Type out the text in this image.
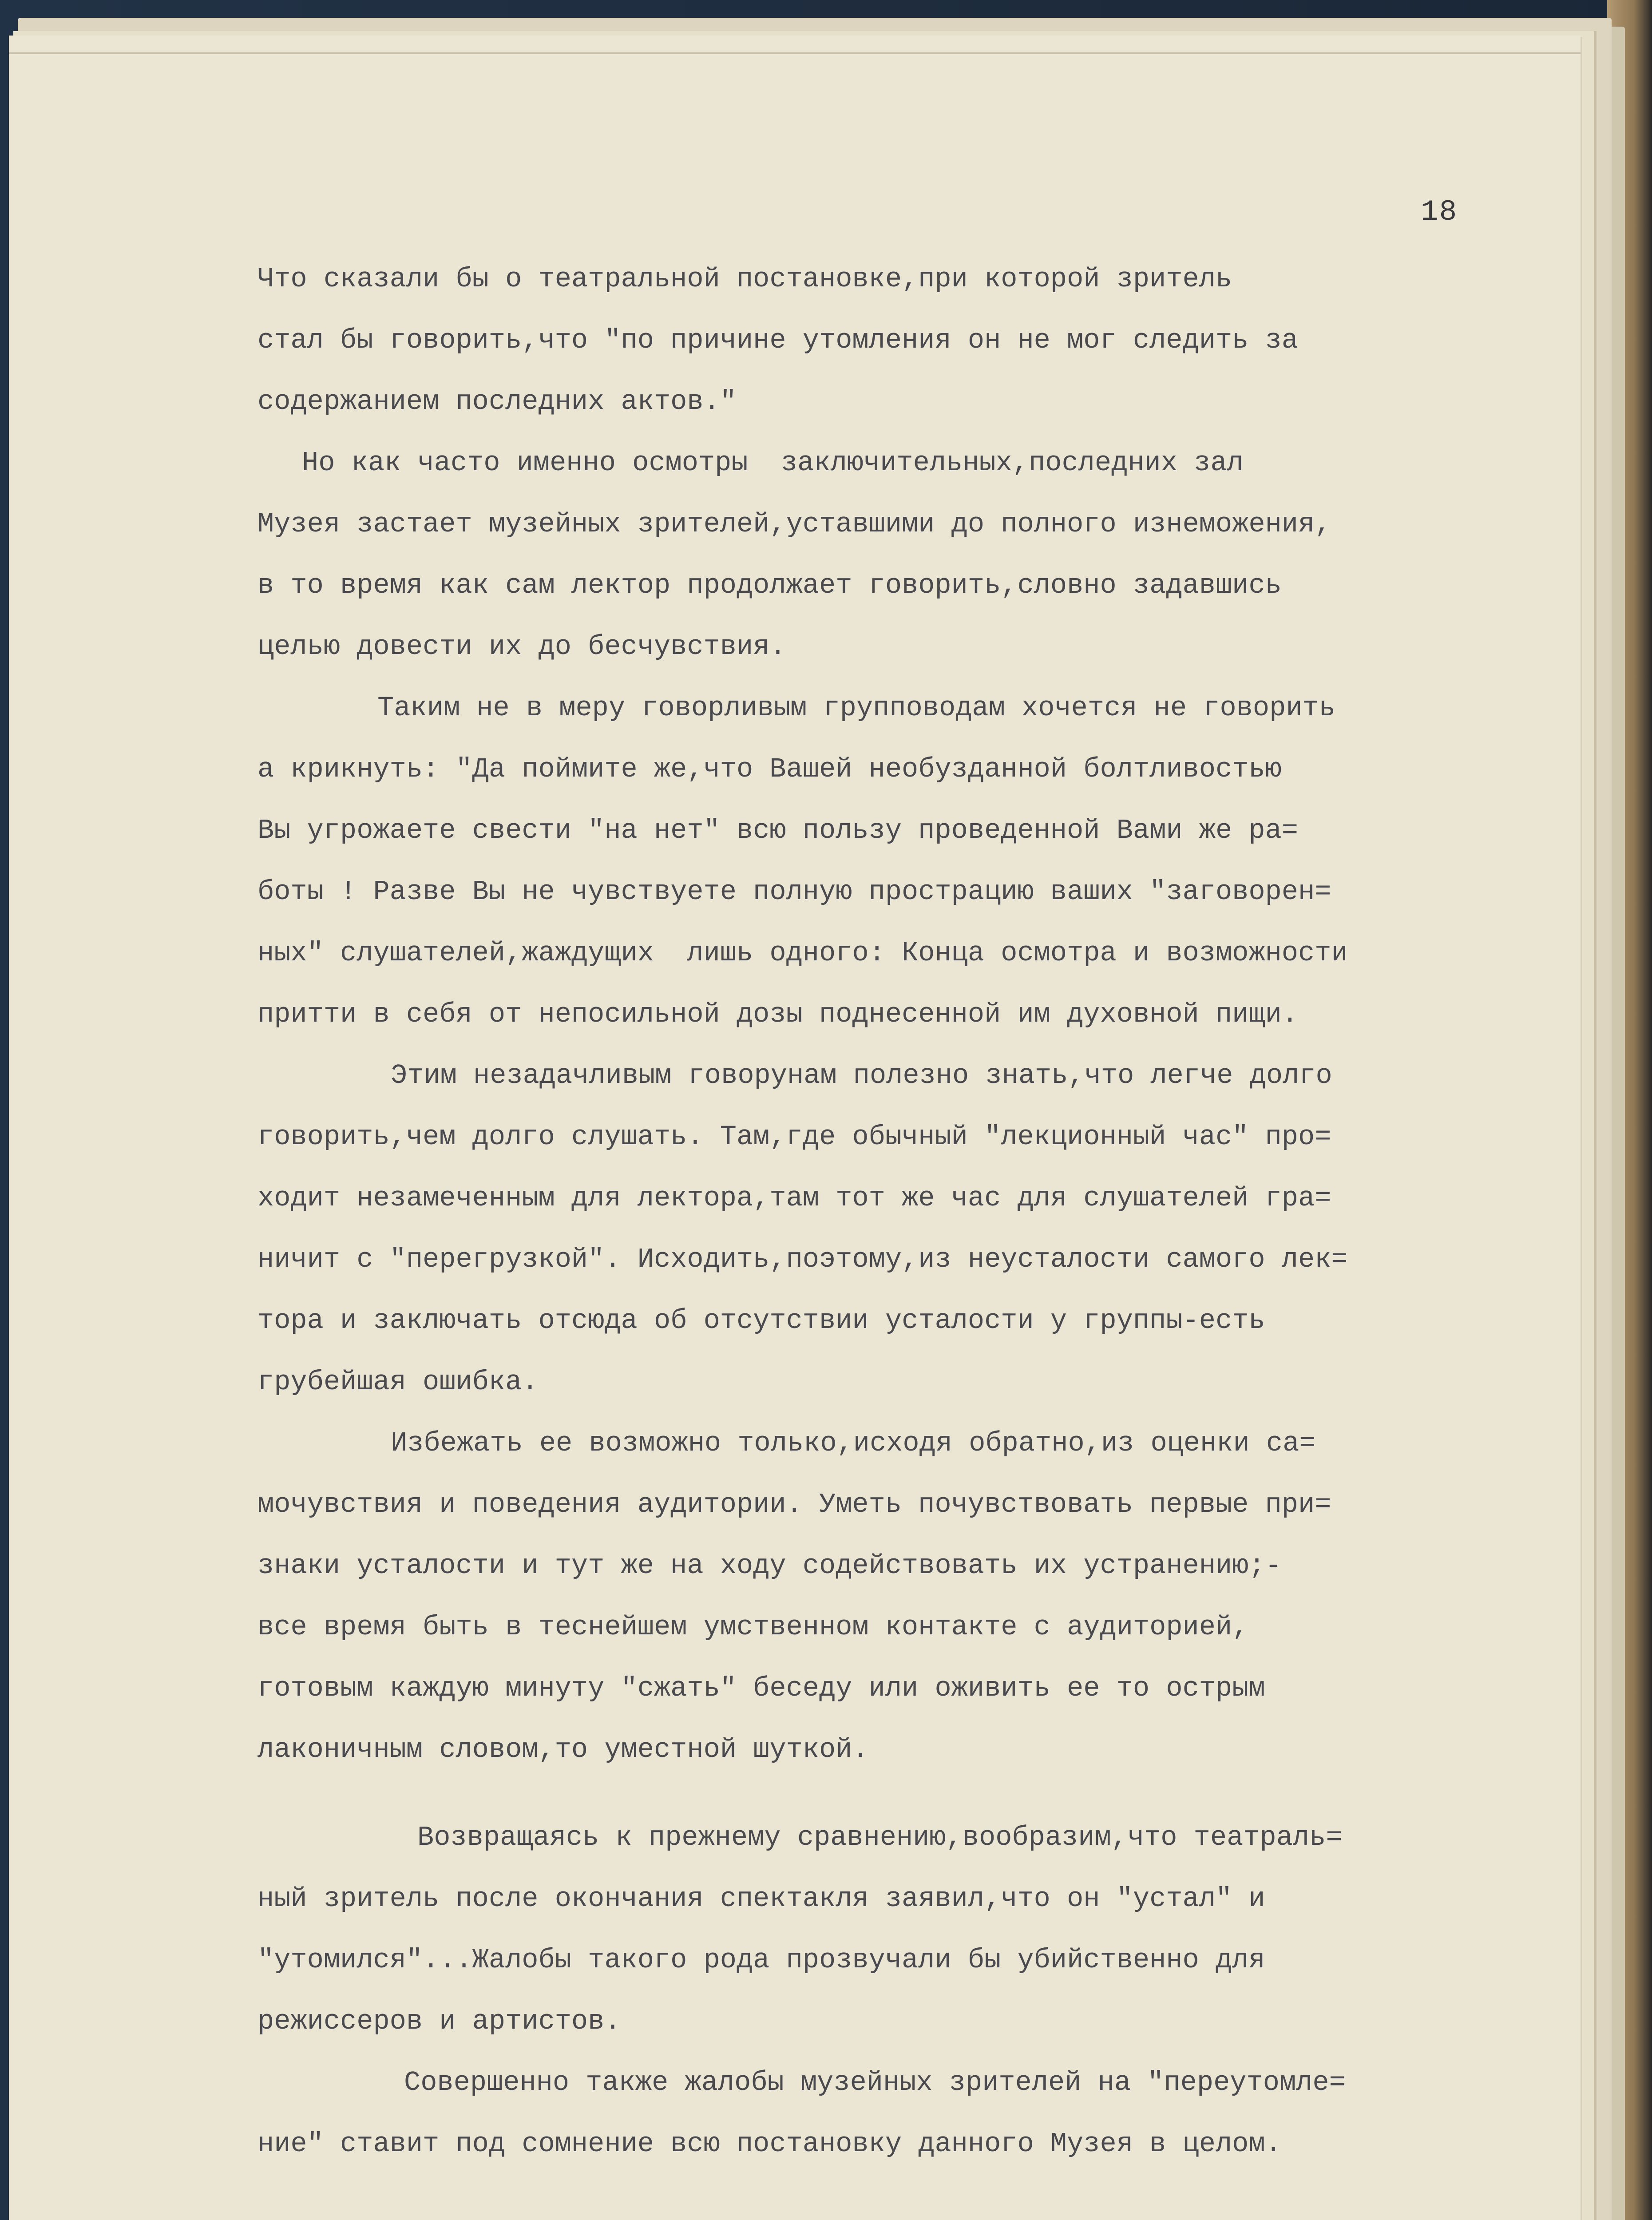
18

Что сказали бы о театральной постановке,при которой зритель
стал бы говорить,что "по причине утомления он не мог следить за
содержанием последних актов."

Но как часто именно осмотры  заключительных,последних зал
Музея застает музейных зрителей,уставшими до полного изнеможения,
в то время как сам лектор продолжает говорить,словно задавшись
целью довести их до бесчувствия.

Таким не в меру говорливым групповодам хочется не говорить
а крикнуть: "Да поймите же,что Вашей необузданной болтливостью
Вы угрожаете свести "на нет" всю пользу проведенной Вами же ра=
боты ! Разве Вы не чувствуете полную прострацию ваших "заговорен=
ных" слушателей,жаждущих  лишь одного: Конца осмотра и возможности
притти в себя от непосильной дозы поднесенной им духовной пищи.

Этим незадачливым говорунам полезно знать,что легче долго
говорить,чем долго слушать. Там,где обычный "лекционный час" про=
ходит незамеченным для лектора,там тот же час для слушателей гра=
ничит с "перегрузкой". Исходить,поэтому,из неусталости самого лек=
тора и заключать отсюда об отсутствии усталости у группы-есть
грубейшая ошибка.

Избежать ее возможно только,исходя обратно,из оценки са=
мочувствия и поведения аудитории. Уметь почувствовать первые при=
знаки усталости и тут же на ходу содействовать их устранению;-
все время быть в теснейшем умственном контакте с аудиторией,
готовым каждую минуту "сжать" беседу или оживить ее то острым
лаконичным словом,то уместной шуткой.

Возвращаясь к прежнему сравнению,вообразим,что театраль=
ный зритель после окончания спектакля заявил,что он "устал" и
"утомился"...Жалобы такого рода прозвучали бы убийственно для
режиссеров и артистов.

Совершенно также жалобы музейных зрителей на "переутомле=
ние" ставит под сомнение всю постановку данного Музея в целом.
